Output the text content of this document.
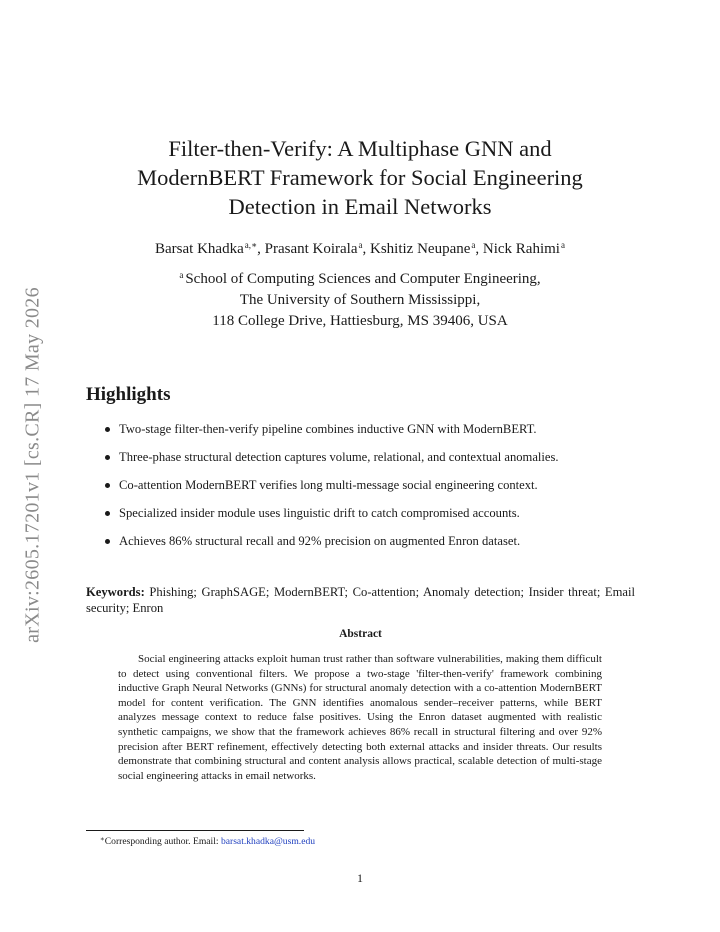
arXiv:2605.17201v1 [cs.CR] 17 May 2026
Filter-then-Verify: A Multiphase GNN and
ModernBERT Framework for Social Engineering
Detection in Email Networks
Barsat Khadka$^{a,∗}$, Prasant Koirala$^a$, Kshitiz Neupane$^a$, Nick Rahimi$^a$
$^a$ School of Computing Sciences and Computer Engineering,
The University of Southern Mississippi,
118 College Drive, Hattiesburg, MS 39406, USA
Highlights
Two-stage filter-then-verify pipeline combines inductive GNN with ModernBERT.
Three-phase structural detection captures volume, relational, and contextual anomalies.
Co-attention ModernBERT verifies long multi-message social engineering context.
Specialized insider module uses linguistic drift to catch compromised accounts.
Achieves 86% structural recall and 92% precision on augmented Enron dataset.
Keywords: Phishing; GraphSAGE; ModernBERT; Co-attention; Anomaly detection; Insider threat; Email security; Enron
Abstract

Social engineering attacks exploit human trust rather than software vulnerabilities, making them difficult to detect using conventional filters. We propose a two-stage 'filter-then-verify' framework combining inductive Graph Neural Networks (GNNs) for structural anomaly detection with a co-attention ModernBERT model for content verification. The GNN identifies anomalous sender–receiver patterns, while BERT analyzes message context to reduce false positives. Using the Enron dataset augmented with realistic synthetic campaigns, we show that the framework achieves 86% recall in structural filtering and over 92% precision after BERT refinement, effectively detecting both external attacks and insider threats. Our results demonstrate that combining structural and content analysis allows practical, scalable detection of multi-stage social engineering attacks in email networks.

∗Corresponding author. Email: barsat.khadka@usm.edu
1
